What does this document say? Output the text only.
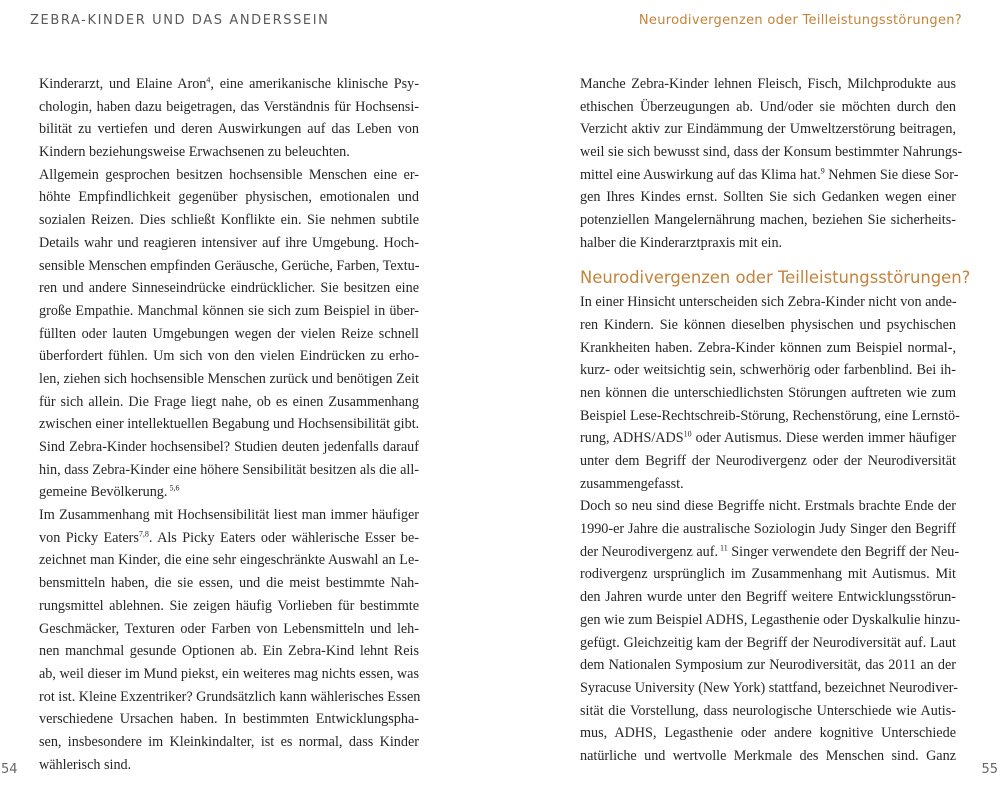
ZEBRA-KINDER UND DAS ANDERSSEIN
Kinderarzt, und Elaine Aron$^4$, eine amerikanische klinische Psy-
chologin, haben dazu beigetragen, das Verständnis für Hochsensi-
bilität zu vertiefen und deren Auswirkungen auf das Leben von
Kindern beziehungsweise Erwachsenen zu beleuchten.
Allgemein gesprochen besitzen hochsensible Menschen eine er-
höhte Empfindlichkeit gegenüber physischen, emotionalen und
sozialen Reizen. Dies schließt Konflikte ein. Sie nehmen subtile
Details wahr und reagieren intensiver auf ihre Umgebung. Hoch-
sensible Menschen empfinden Geräusche, Gerüche, Farben, Textu-
ren und andere Sinneseindrücke eindrücklicher. Sie besitzen eine
große Empathie. Manchmal können sie sich zum Beispiel in über-
füllten oder lauten Umgebungen wegen der vielen Reize schnell
überfordert fühlen. Um sich von den vielen Eindrücken zu erho-
len, ziehen sich hochsensible Menschen zurück und benötigen Zeit
für sich allein. Die Frage liegt nahe, ob es einen Zusammenhang
zwischen einer intellektuellen Begabung und Hochsensibilität gibt.
Sind Zebra-Kinder hochsensibel? Studien deuten jedenfalls darauf
hin, dass Zebra-Kinder eine höhere Sensibilität besitzen als die all-
gemeine Bevölkerung. $^{5,6}$
Im Zusammenhang mit Hochsensibilität liest man immer häufiger
von Picky Eaters$^{7,8}$. Als Picky Eaters oder wählerische Esser be-
zeichnet man Kinder, die eine sehr eingeschränkte Auswahl an Le-
bensmitteln haben, die sie essen, und die meist bestimmte Nah-
rungsmittel ablehnen. Sie zeigen häufig Vorlieben für bestimmte
Geschmäcker, Texturen oder Farben von Lebensmitteln und leh-
nen manchmal gesunde Optionen ab. Ein Zebra-Kind lehnt Reis
ab, weil dieser im Mund piekst, ein weiteres mag nichts essen, was
rot ist. Kleine Exzentriker? Grundsätzlich kann wählerisches Essen
verschiedene Ursachen haben. In bestimmten Entwicklungspha-
sen, insbesondere im Kleinkindalter, ist es normal, dass Kinder
wählerisch sind.
54
Neurodivergenzen oder Teilleistungsstörungen?
Manche Zebra-Kinder lehnen Fleisch, Fisch, Milchprodukte aus
ethischen Überzeugungen ab. Und/oder sie möchten durch den
Verzicht aktiv zur Eindämmung der Umweltzerstörung beitragen,
weil sie sich bewusst sind, dass der Konsum bestimmter Nahrungs-
mittel eine Auswirkung auf das Klima hat.$^9$ Nehmen Sie diese Sor-
gen Ihres Kindes ernst. Sollten Sie sich Gedanken wegen einer
potenziellen Mangelernährung machen, beziehen Sie sicherheits-
halber die Kinderarztpraxis mit ein.
Neurodivergenzen oder Teilleistungsstörungen?
In einer Hinsicht unterscheiden sich Zebra-Kinder nicht von ande-
ren Kindern. Sie können dieselben physischen und psychischen
Krankheiten haben. Zebra-Kinder können zum Beispiel normal-,
kurz- oder weitsichtig sein, schwerhörig oder farbenblind. Bei ih-
nen können die unterschiedlichsten Störungen auftreten wie zum
Beispiel Lese-Rechtschreib-Störung, Rechenstörung, eine Lernstö-
rung, ADHS/ADS$^{10}$ oder Autismus. Diese werden immer häufiger
unter dem Begriff der Neurodivergenz oder der Neurodiversität
zusammengefasst.
Doch so neu sind diese Begriffe nicht. Erstmals brachte Ende der
1990-er Jahre die australische Soziologin Judy Singer den Begriff
der Neurodivergenz auf. $^{11}$ Singer verwendete den Begriff der Neu-
rodivergenz ursprünglich im Zusammenhang mit Autismus. Mit
den Jahren wurde unter den Begriff weitere Entwicklungsstörun-
gen wie zum Beispiel ADHS, Legasthenie oder Dyskalkulie hinzu-
gefügt. Gleichzeitig kam der Begriff der Neurodiversität auf. Laut
dem Nationalen Symposium zur Neurodiversität, das 2011 an der
Syracuse University (New York) stattfand, bezeichnet Neurodiver-
sität die Vorstellung, dass neurologische Unterschiede wie Autis-
mus, ADHS, Legasthenie oder andere kognitive Unterschiede
natürliche und wertvolle Merkmale des Menschen sind. Ganz
55
